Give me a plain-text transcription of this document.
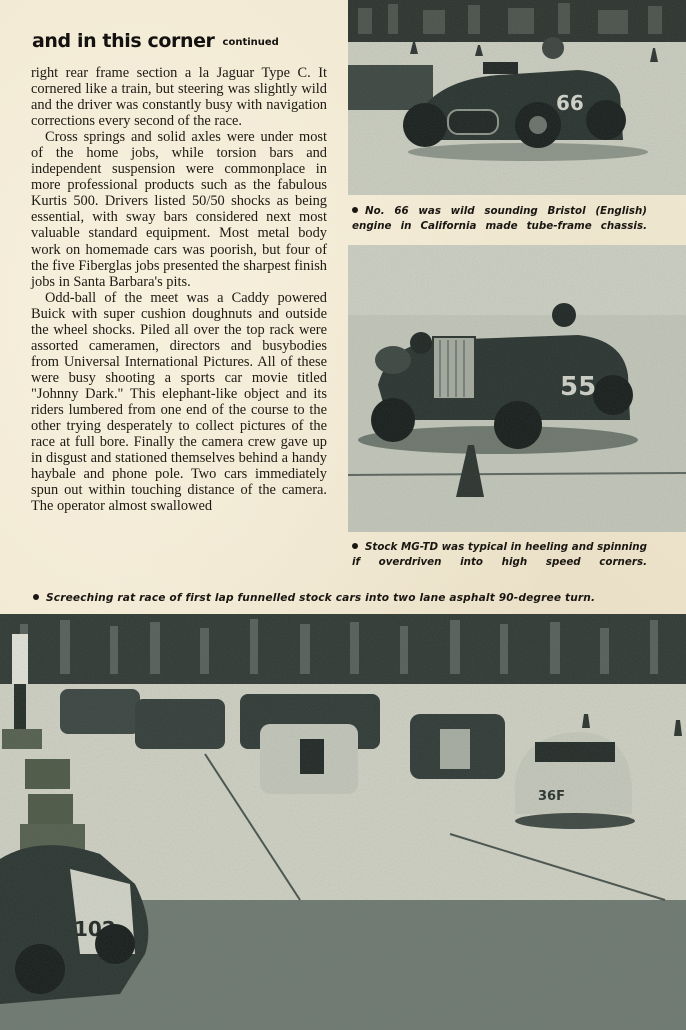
and in this corner continued

right rear frame section a la Jaguar Type C. It cornered like a train, but steering was slightly wild and the driver was constantly busy with navigation corrections every second of the race.

Cross springs and solid axles were under most of the home jobs, while torsion bars and independent suspension were commonplace in more professional products such as the fabulous Kurtis 500. Drivers listed 50/50 shocks as being essential, with sway bars considered next most valuable standard equipment. Most metal body work on homemade cars was poorish, but four of the five Fiberglas jobs presented the sharpest finish jobs in Santa Barbara's pits.

Odd-ball of the meet was a Caddy powered Buick with super cushion doughnuts and outside the wheel shocks. Piled all over the top rack were assorted cameramen, directors and busybodies from Universal International Pictures. All of these were busy shooting a sports car movie titled "Johnny Dark." This elephant-like object and its riders lumbered from one end of the course to the other trying desperately to collect pictures of the race at full bore. Finally the camera crew gave up in disgust and stationed themselves behind a handy haybale and phone pole. Two cars immediately spun out within touching distance of the camera. The operator almost swallowed

No. 66 was wild sounding Bristol (English) engine in California made tube-frame chassis.
Stock MG-TD was typical in heeling and spinning if overdriven into high speed corners.
Screeching rat race of first lap funnelled stock cars into two lane asphalt 90-degree turn.
